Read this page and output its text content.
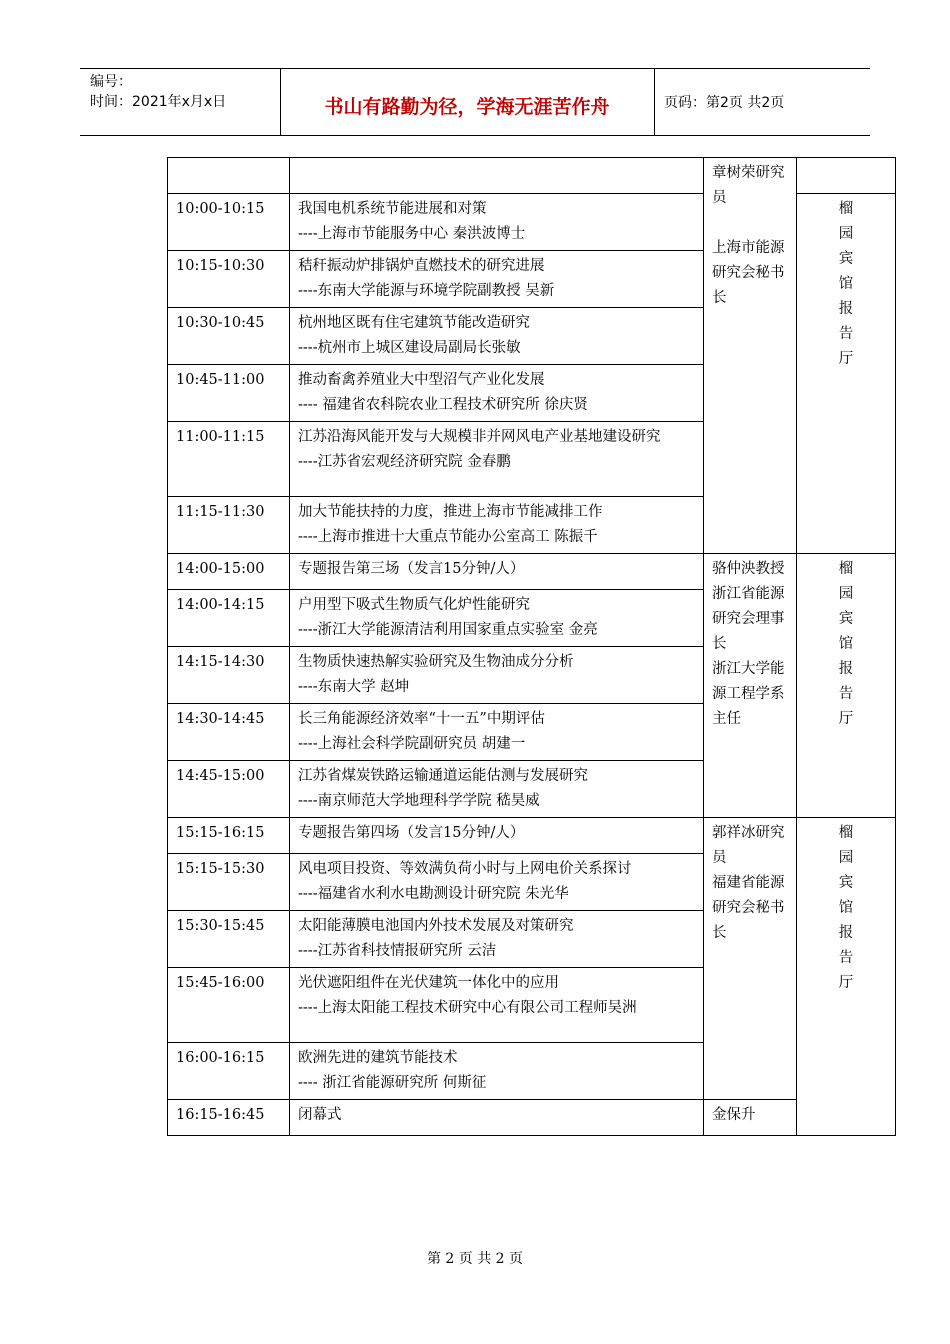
编号：
时间：2021年x月x日	书山有路勤为径，学海无涯苦作舟	页码：第2页 共2页

		章树荣研究员

上海市能源研究会秘书长	

10:00-10:15	我国电机系统节能进展和对策
----上海市节能服务中心 秦洪波博士		榴园宾馆报告厅
10:15-10:30	秸秆振动炉排锅炉直燃技术的研究进展
----东南大学能源与环境学院副教授 吴新		

10:30-10:45	杭州地区既有住宅建筑节能改造研究
----杭州市上城区建设局副局长张敏		

10:45-11:00	推动畜禽养殖业大中型沼气产业化发展
---- 福建省农科院农业工程技术研究所 徐庆贤		

11:00-11:15	江苏沿海风能开发与大规模非并网风电产业基地建设研究
----江苏省宏观经济研究院 金春鹏		

11:15-11:30	加大节能扶持的力度，推进上海市节能减排工作
----上海市推进十大重点节能办公室高工 陈振千		

14:00-15:00	专题报告第三场（发言15分钟/人）	骆仲泱教授
浙江省能源研究会理事长
浙江大学能源工程学系主任	榴园宾馆报告厅
14:00-14:15	户用型下吸式生物质气化炉性能研究
----浙江大学能源清洁利用国家重点实验室 金亮		

14:15-14:30	生物质快速热解实验研究及生物油成分分析
----东南大学 赵坤		

14:30-14:45	长三角能源经济效率“十一五”中期评估
----上海社会科学院副研究员 胡建一		

14:45-15:00	江苏省煤炭铁路运输通道运能估测与发展研究
----南京师范大学地理科学学院 嵇昊威		

15:15-16:15	专题报告第四场（发言15分钟/人）	郭祥冰研究员
福建省能源研究会秘书长	榴园宾馆报告厅
15:15-15:30	风电项目投资、等效满负荷小时与上网电价关系探讨
----福建省水利水电勘测设计研究院 朱光华		

15:30-15:45	太阳能薄膜电池国内外技术发展及对策研究
----江苏省科技情报研究所 云洁		

15:45-16:00	光伏遮阳组件在光伏建筑一体化中的应用
----上海太阳能工程技术研究中心有限公司工程师吴洲		

16:00-16:15	欧洲先进的建筑节能技术
---- 浙江省能源研究所 何斯征		

16:15-16:45	闭幕式	金保升	
第 2 页 共 2 页
